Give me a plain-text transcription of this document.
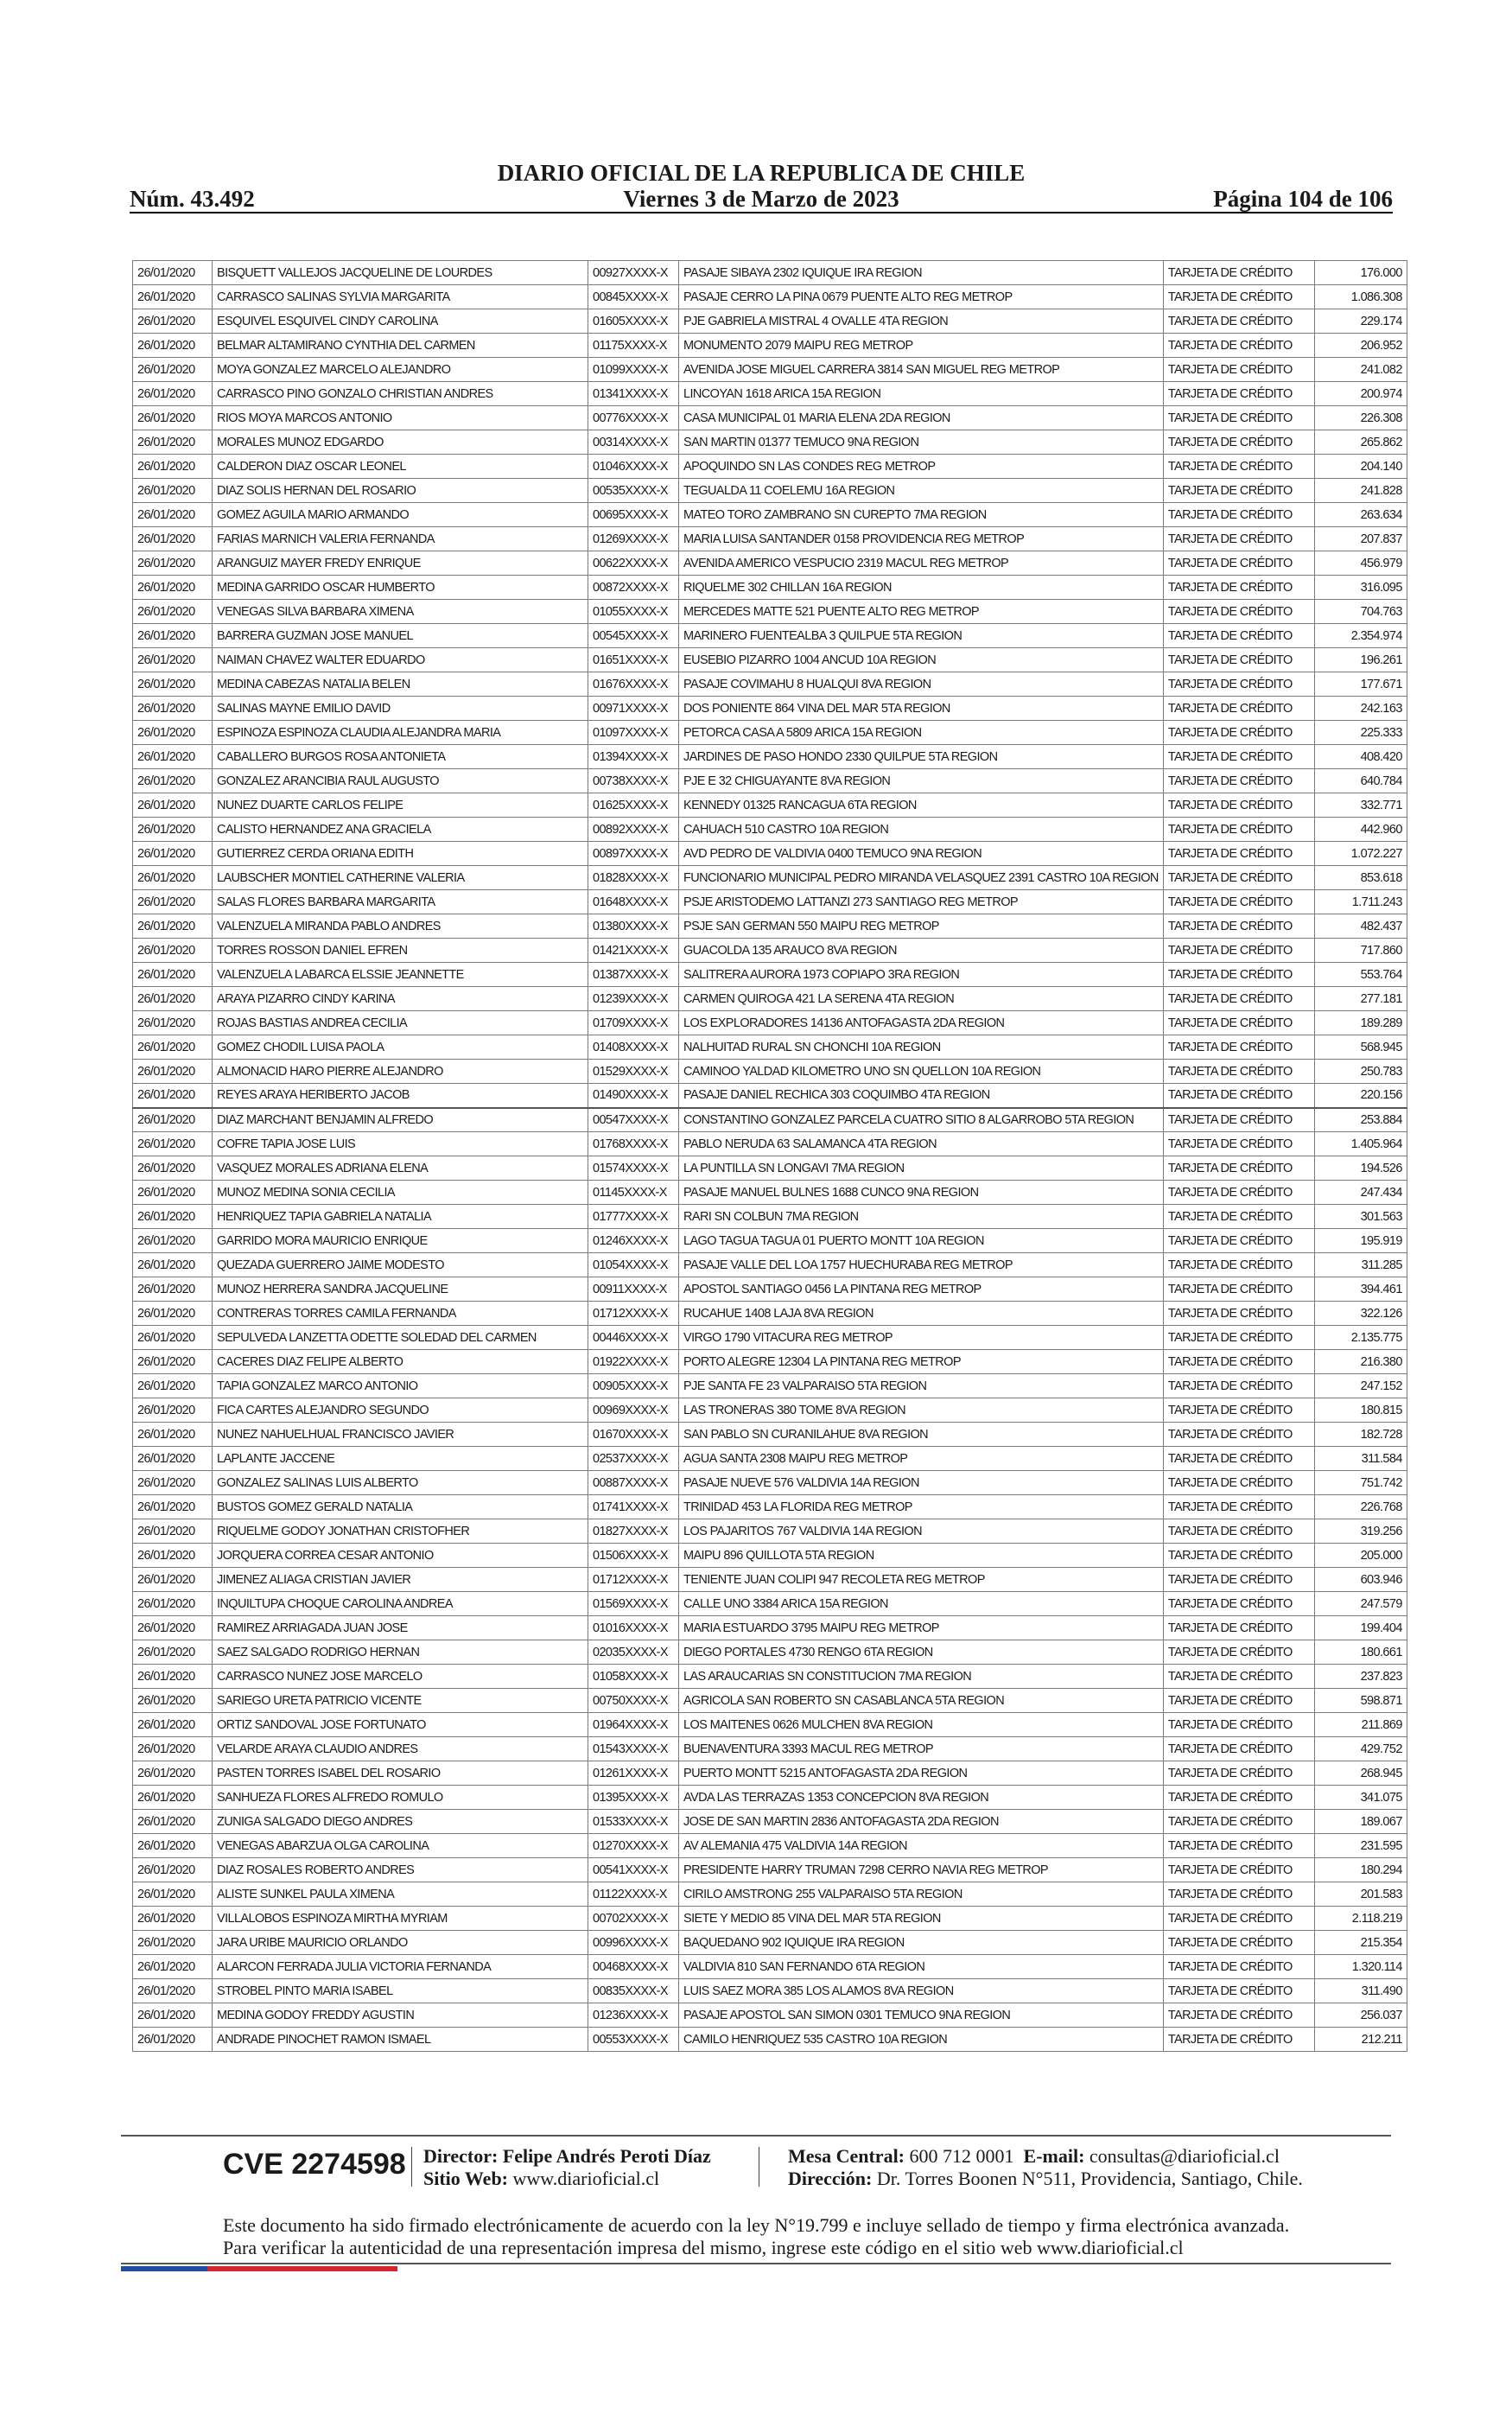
DIARIO OFICIAL DE LA REPUBLICA DE CHILE
Núm. 43.492	Viernes 3 de Marzo de 2023	Página 104 de 106
26/01/2020	BISQUETT VALLEJOS JACQUELINE DE LOURDES	00927XXXX-X	PASAJE SIBAYA 2302 IQUIQUE IRA REGION	TARJETA DE CRÉDITO	176.000
26/01/2020	CARRASCO SALINAS SYLVIA MARGARITA	00845XXXX-X	PASAJE CERRO LA PINA 0679 PUENTE ALTO REG METROP	TARJETA DE CRÉDITO	1.086.308
26/01/2020	ESQUIVEL ESQUIVEL CINDY CAROLINA	01605XXXX-X	PJE GABRIELA MISTRAL 4 OVALLE 4TA REGION	TARJETA DE CRÉDITO	229.174
26/01/2020	BELMAR ALTAMIRANO CYNTHIA DEL CARMEN	01175XXXX-X	MONUMENTO 2079 MAIPU REG METROP	TARJETA DE CRÉDITO	206.952
26/01/2020	MOYA GONZALEZ MARCELO ALEJANDRO	01099XXXX-X	AVENIDA JOSE MIGUEL CARRERA 3814 SAN MIGUEL REG METROP	TARJETA DE CRÉDITO	241.082
26/01/2020	CARRASCO PINO GONZALO CHRISTIAN ANDRES	01341XXXX-X	LINCOYAN 1618 ARICA 15A REGION	TARJETA DE CRÉDITO	200.974
26/01/2020	RIOS MOYA MARCOS ANTONIO	00776XXXX-X	CASA MUNICIPAL 01 MARIA ELENA 2DA REGION	TARJETA DE CRÉDITO	226.308
26/01/2020	MORALES MUNOZ EDGARDO	00314XXXX-X	SAN MARTIN 01377 TEMUCO 9NA REGION	TARJETA DE CRÉDITO	265.862
26/01/2020	CALDERON DIAZ OSCAR LEONEL	01046XXXX-X	APOQUINDO SN LAS CONDES REG METROP	TARJETA DE CRÉDITO	204.140
26/01/2020	DIAZ SOLIS HERNAN DEL ROSARIO	00535XXXX-X	TEGUALDA 11 COELEMU 16A REGION	TARJETA DE CRÉDITO	241.828
26/01/2020	GOMEZ AGUILA MARIO ARMANDO	00695XXXX-X	MATEO TORO ZAMBRANO SN CUREPTO 7MA REGION	TARJETA DE CRÉDITO	263.634
26/01/2020	FARIAS MARNICH VALERIA FERNANDA	01269XXXX-X	MARIA LUISA SANTANDER 0158 PROVIDENCIA REG METROP	TARJETA DE CRÉDITO	207.837
26/01/2020	ARANGUIZ MAYER FREDY ENRIQUE	00622XXXX-X	AVENIDA AMERICO VESPUCIO 2319 MACUL REG METROP	TARJETA DE CRÉDITO	456.979
26/01/2020	MEDINA GARRIDO OSCAR HUMBERTO	00872XXXX-X	RIQUELME 302 CHILLAN 16A REGION	TARJETA DE CRÉDITO	316.095
26/01/2020	VENEGAS SILVA BARBARA XIMENA	01055XXXX-X	MERCEDES MATTE 521 PUENTE ALTO REG METROP	TARJETA DE CRÉDITO	704.763
26/01/2020	BARRERA GUZMAN JOSE MANUEL	00545XXXX-X	MARINERO FUENTEALBA 3 QUILPUE 5TA REGION	TARJETA DE CRÉDITO	2.354.974
26/01/2020	NAIMAN CHAVEZ WALTER EDUARDO	01651XXXX-X	EUSEBIO PIZARRO 1004 ANCUD 10A REGION	TARJETA DE CRÉDITO	196.261
26/01/2020	MEDINA CABEZAS NATALIA BELEN	01676XXXX-X	PASAJE COVIMAHU 8 HUALQUI 8VA REGION	TARJETA DE CRÉDITO	177.671
26/01/2020	SALINAS MAYNE EMILIO DAVID	00971XXXX-X	DOS PONIENTE 864 VINA DEL MAR 5TA REGION	TARJETA DE CRÉDITO	242.163
26/01/2020	ESPINOZA ESPINOZA CLAUDIA ALEJANDRA MARIA	01097XXXX-X	PETORCA CASA A 5809 ARICA 15A REGION	TARJETA DE CRÉDITO	225.333
26/01/2020	CABALLERO BURGOS ROSA ANTONIETA	01394XXXX-X	JARDINES DE PASO HONDO 2330 QUILPUE 5TA REGION	TARJETA DE CRÉDITO	408.420
26/01/2020	GONZALEZ ARANCIBIA RAUL AUGUSTO	00738XXXX-X	PJE E 32 CHIGUAYANTE 8VA REGION	TARJETA DE CRÉDITO	640.784
26/01/2020	NUNEZ DUARTE CARLOS FELIPE	01625XXXX-X	KENNEDY 01325 RANCAGUA 6TA REGION	TARJETA DE CRÉDITO	332.771
26/01/2020	CALISTO HERNANDEZ ANA GRACIELA	00892XXXX-X	CAHUACH 510 CASTRO 10A REGION	TARJETA DE CRÉDITO	442.960
26/01/2020	GUTIERREZ CERDA ORIANA EDITH	00897XXXX-X	AVD PEDRO DE VALDIVIA 0400 TEMUCO 9NA REGION	TARJETA DE CRÉDITO	1.072.227
26/01/2020	LAUBSCHER MONTIEL CATHERINE VALERIA	01828XXXX-X	FUNCIONARIO MUNICIPAL PEDRO MIRANDA VELASQUEZ 2391 CASTRO 10A REGION	TARJETA DE CRÉDITO	853.618
26/01/2020	SALAS FLORES BARBARA MARGARITA	01648XXXX-X	PSJE ARISTODEMO LATTANZI 273 SANTIAGO REG METROP	TARJETA DE CRÉDITO	1.711.243
26/01/2020	VALENZUELA MIRANDA PABLO ANDRES	01380XXXX-X	PSJE SAN GERMAN 550 MAIPU REG METROP	TARJETA DE CRÉDITO	482.437
26/01/2020	TORRES ROSSON DANIEL EFREN	01421XXXX-X	GUACOLDA 135 ARAUCO 8VA REGION	TARJETA DE CRÉDITO	717.860
26/01/2020	VALENZUELA LABARCA ELSSIE JEANNETTE	01387XXXX-X	SALITRERA AURORA 1973 COPIAPO 3RA REGION	TARJETA DE CRÉDITO	553.764
26/01/2020	ARAYA PIZARRO CINDY KARINA	01239XXXX-X	CARMEN QUIROGA 421 LA SERENA 4TA REGION	TARJETA DE CRÉDITO	277.181
26/01/2020	ROJAS BASTIAS ANDREA CECILIA	01709XXXX-X	LOS EXPLORADORES 14136 ANTOFAGASTA 2DA REGION	TARJETA DE CRÉDITO	189.289
26/01/2020	GOMEZ CHODIL LUISA PAOLA	01408XXXX-X	NALHUITAD RURAL SN CHONCHI 10A REGION	TARJETA DE CRÉDITO	568.945
26/01/2020	ALMONACID HARO PIERRE ALEJANDRO	01529XXXX-X	CAMINOO YALDAD KILOMETRO UNO SN QUELLON 10A REGION	TARJETA DE CRÉDITO	250.783
26/01/2020	REYES ARAYA HERIBERTO JACOB	01490XXXX-X	PASAJE DANIEL RECHICA 303 COQUIMBO 4TA REGION	TARJETA DE CRÉDITO	220.156
26/01/2020	DIAZ MARCHANT BENJAMIN ALFREDO	00547XXXX-X	CONSTANTINO GONZALEZ PARCELA CUATRO SITIO 8 ALGARROBO 5TA REGION	TARJETA DE CRÉDITO	253.884
26/01/2020	COFRE TAPIA JOSE LUIS	01768XXXX-X	PABLO NERUDA 63 SALAMANCA 4TA REGION	TARJETA DE CRÉDITO	1.405.964
26/01/2020	VASQUEZ MORALES ADRIANA ELENA	01574XXXX-X	LA PUNTILLA SN LONGAVI 7MA REGION	TARJETA DE CRÉDITO	194.526
26/01/2020	MUNOZ MEDINA SONIA CECILIA	01145XXXX-X	PASAJE MANUEL BULNES 1688 CUNCO 9NA REGION	TARJETA DE CRÉDITO	247.434
26/01/2020	HENRIQUEZ TAPIA GABRIELA NATALIA	01777XXXX-X	RARI SN COLBUN 7MA REGION	TARJETA DE CRÉDITO	301.563
26/01/2020	GARRIDO MORA MAURICIO ENRIQUE	01246XXXX-X	LAGO TAGUA TAGUA 01 PUERTO MONTT 10A REGION	TARJETA DE CRÉDITO	195.919
26/01/2020	QUEZADA GUERRERO JAIME MODESTO	01054XXXX-X	PASAJE VALLE DEL LOA 1757 HUECHURABA REG METROP	TARJETA DE CRÉDITO	311.285
26/01/2020	MUNOZ HERRERA SANDRA JACQUELINE	00911XXXX-X	APOSTOL SANTIAGO 0456 LA PINTANA REG METROP	TARJETA DE CRÉDITO	394.461
26/01/2020	CONTRERAS TORRES CAMILA FERNANDA	01712XXXX-X	RUCAHUE 1408 LAJA 8VA REGION	TARJETA DE CRÉDITO	322.126
26/01/2020	SEPULVEDA LANZETTA ODETTE SOLEDAD DEL CARMEN	00446XXXX-X	VIRGO 1790 VITACURA REG METROP	TARJETA DE CRÉDITO	2.135.775
26/01/2020	CACERES DIAZ FELIPE ALBERTO	01922XXXX-X	PORTO ALEGRE 12304 LA PINTANA REG METROP	TARJETA DE CRÉDITO	216.380
26/01/2020	TAPIA GONZALEZ MARCO ANTONIO	00905XXXX-X	PJE SANTA FE 23 VALPARAISO 5TA REGION	TARJETA DE CRÉDITO	247.152
26/01/2020	FICA CARTES ALEJANDRO SEGUNDO	00969XXXX-X	LAS TRONERAS 380 TOME 8VA REGION	TARJETA DE CRÉDITO	180.815
26/01/2020	NUNEZ NAHUELHUAL FRANCISCO JAVIER	01670XXXX-X	SAN PABLO SN CURANILAHUE 8VA REGION	TARJETA DE CRÉDITO	182.728
26/01/2020	LAPLANTE JACCENE	02537XXXX-X	AGUA SANTA 2308 MAIPU REG METROP	TARJETA DE CRÉDITO	311.584
26/01/2020	GONZALEZ SALINAS LUIS ALBERTO	00887XXXX-X	PASAJE NUEVE 576 VALDIVIA 14A REGION	TARJETA DE CRÉDITO	751.742
26/01/2020	BUSTOS GOMEZ GERALD NATALIA	01741XXXX-X	TRINIDAD 453 LA FLORIDA REG METROP	TARJETA DE CRÉDITO	226.768
26/01/2020	RIQUELME GODOY JONATHAN CRISTOFHER	01827XXXX-X	LOS PAJARITOS 767 VALDIVIA 14A REGION	TARJETA DE CRÉDITO	319.256
26/01/2020	JORQUERA CORREA CESAR ANTONIO	01506XXXX-X	MAIPU 896 QUILLOTA 5TA REGION	TARJETA DE CRÉDITO	205.000
26/01/2020	JIMENEZ ALIAGA CRISTIAN JAVIER	01712XXXX-X	TENIENTE JUAN COLIPI 947 RECOLETA REG METROP	TARJETA DE CRÉDITO	603.946
26/01/2020	INQUILTUPA CHOQUE CAROLINA ANDREA	01569XXXX-X	CALLE UNO 3384 ARICA 15A REGION	TARJETA DE CRÉDITO	247.579
26/01/2020	RAMIREZ ARRIAGADA JUAN JOSE	01016XXXX-X	MARIA ESTUARDO 3795 MAIPU REG METROP	TARJETA DE CRÉDITO	199.404
26/01/2020	SAEZ SALGADO RODRIGO HERNAN	02035XXXX-X	DIEGO PORTALES 4730 RENGO 6TA REGION	TARJETA DE CRÉDITO	180.661
26/01/2020	CARRASCO NUNEZ JOSE MARCELO	01058XXXX-X	LAS ARAUCARIAS SN CONSTITUCION 7MA REGION	TARJETA DE CRÉDITO	237.823
26/01/2020	SARIEGO URETA PATRICIO VICENTE	00750XXXX-X	AGRICOLA SAN ROBERTO SN CASABLANCA 5TA REGION	TARJETA DE CRÉDITO	598.871
26/01/2020	ORTIZ SANDOVAL JOSE FORTUNATO	01964XXXX-X	LOS MAITENES 0626 MULCHEN 8VA REGION	TARJETA DE CRÉDITO	211.869
26/01/2020	VELARDE ARAYA CLAUDIO ANDRES	01543XXXX-X	BUENAVENTURA 3393 MACUL REG METROP	TARJETA DE CRÉDITO	429.752
26/01/2020	PASTEN TORRES ISABEL DEL ROSARIO	01261XXXX-X	PUERTO MONTT 5215 ANTOFAGASTA 2DA REGION	TARJETA DE CRÉDITO	268.945
26/01/2020	SANHUEZA FLORES ALFREDO ROMULO	01395XXXX-X	AVDA LAS TERRAZAS 1353 CONCEPCION 8VA REGION	TARJETA DE CRÉDITO	341.075
26/01/2020	ZUNIGA SALGADO DIEGO ANDRES	01533XXXX-X	JOSE DE SAN MARTIN 2836 ANTOFAGASTA 2DA REGION	TARJETA DE CRÉDITO	189.067
26/01/2020	VENEGAS ABARZUA OLGA CAROLINA	01270XXXX-X	AV ALEMANIA 475 VALDIVIA 14A REGION	TARJETA DE CRÉDITO	231.595
26/01/2020	DIAZ ROSALES ROBERTO ANDRES	00541XXXX-X	PRESIDENTE HARRY TRUMAN 7298 CERRO NAVIA REG METROP	TARJETA DE CRÉDITO	180.294
26/01/2020	ALISTE SUNKEL PAULA XIMENA	01122XXXX-X	CIRILO AMSTRONG 255 VALPARAISO 5TA REGION	TARJETA DE CRÉDITO	201.583
26/01/2020	VILLALOBOS ESPINOZA MIRTHA MYRIAM	00702XXXX-X	SIETE Y MEDIO 85 VINA DEL MAR 5TA REGION	TARJETA DE CRÉDITO	2.118.219
26/01/2020	JARA URIBE MAURICIO ORLANDO	00996XXXX-X	BAQUEDANO 902 IQUIQUE IRA REGION	TARJETA DE CRÉDITO	215.354
26/01/2020	ALARCON FERRADA JULIA VICTORIA FERNANDA	00468XXXX-X	VALDIVIA 810 SAN FERNANDO 6TA REGION	TARJETA DE CRÉDITO	1.320.114
26/01/2020	STROBEL PINTO MARIA ISABEL	00835XXXX-X	LUIS SAEZ MORA 385 LOS ALAMOS 8VA REGION	TARJETA DE CRÉDITO	311.490
26/01/2020	MEDINA GODOY FREDDY AGUSTIN	01236XXXX-X	PASAJE APOSTOL SAN SIMON 0301 TEMUCO 9NA REGION	TARJETA DE CRÉDITO	256.037
26/01/2020	ANDRADE PINOCHET RAMON ISMAEL	00553XXXX-X	CAMILO HENRIQUEZ 535 CASTRO 10A REGION	TARJETA DE CRÉDITO	212.211
CVE 2274598 Director: Felipe Andrés Peroti Díaz
Sitio Web: www.diarioficial.cl
Mesa Central: 600 712 0001 E-mail: consultas@diarioficial.cl
Dirección: Dr. Torres Boonen N°511, Providencia, Santiago, Chile.
Este documento ha sido firmado electrónicamente de acuerdo con la ley N°19.799 e incluye sellado de tiempo y firma electrónica avanzada. Para verificar la autenticidad de una representación impresa del mismo, ingrese este código en el sitio web www.diarioficial.cl
